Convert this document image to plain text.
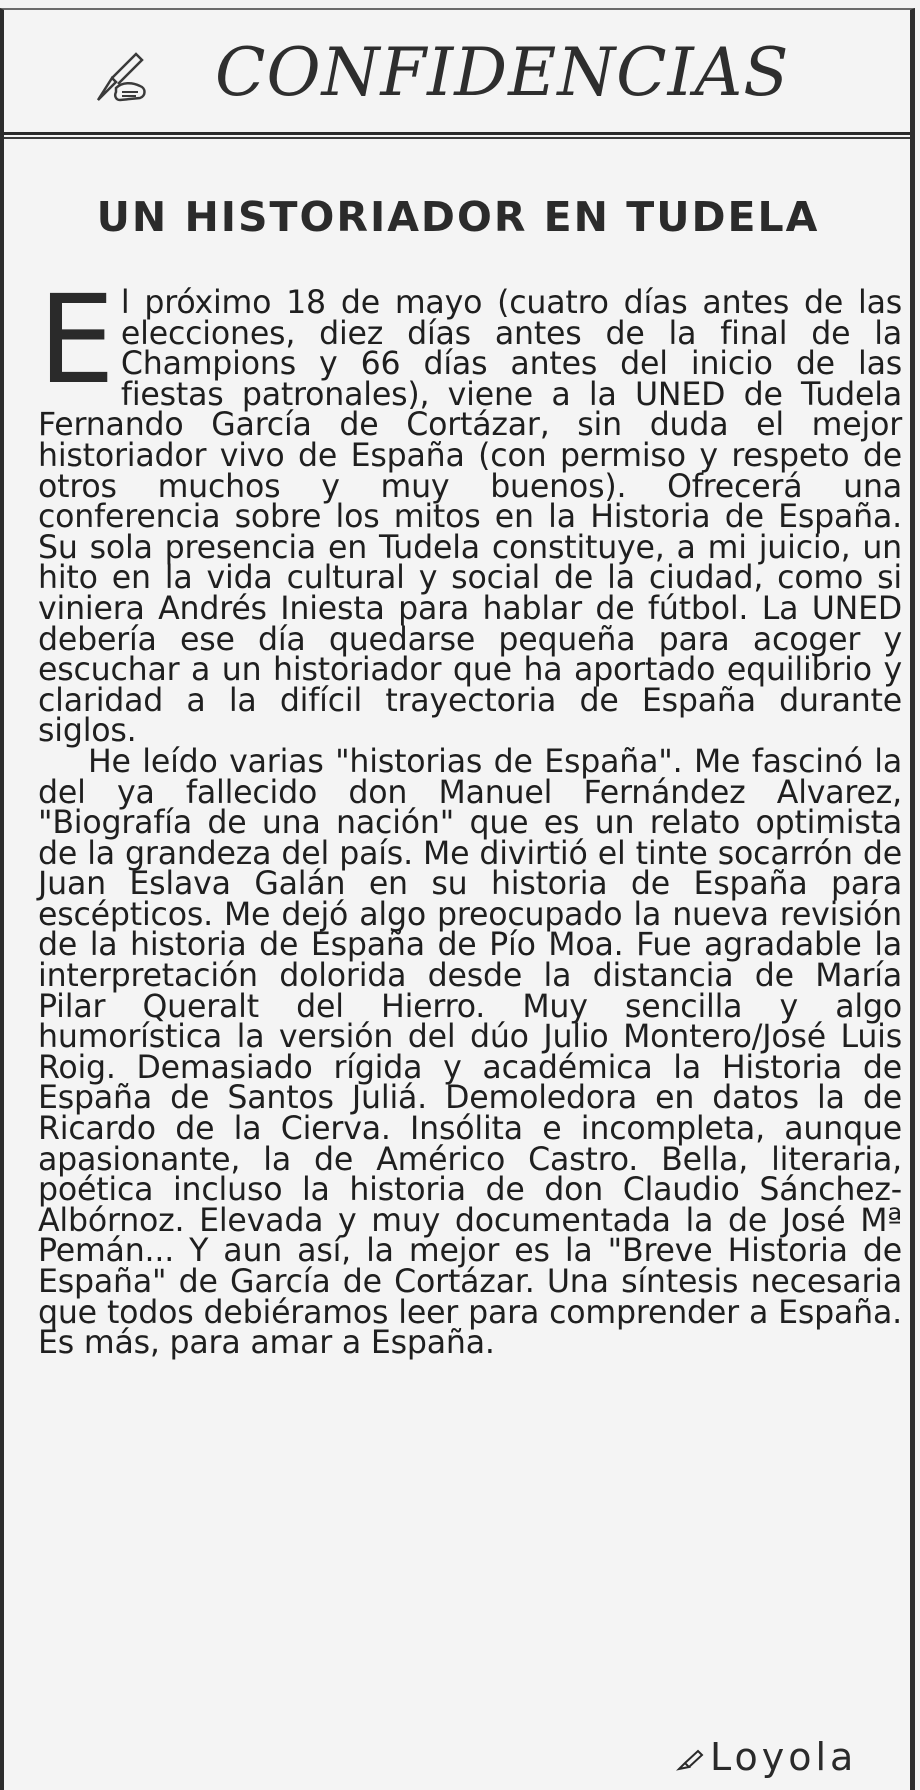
CONFIDENCIAS
UN HISTORIADOR EN TUDELA

El próximo 18 de mayo (cuatro días antes de las elecciones, diez días antes de la final de la Champions y 66 días antes del inicio de las fiestas patronales), viene a la UNED de Tudela Fernando García de Cortázar, sin duda el mejor historiador vivo de España (con permiso y respeto de otros muchos y muy buenos). Ofrecerá una conferencia sobre los mitos en la Historia de España. Su sola presencia en Tudela constituye, a mi juicio, un hito en la vida cultural y social de la ciudad, como si viniera Andrés Iniesta para hablar de fútbol. La UNED debería ese día quedarse pequeña para acoger y escuchar a un historiador que ha aportado equilibrio y claridad a la difícil trayectoria de España durante siglos.

He leído varias "historias de España". Me fascinó la del ya fallecido don Manuel Fernández Alvarez, "Biografía de una nación" que es un relato optimista de la grandeza del país. Me divirtió el tinte socarrón de Juan Eslava Galán en su historia de España para escépticos. Me dejó algo preocupado la nueva revisión de la historia de España de Pío Moa. Fue agradable la interpretación dolorida desde la distancia de María Pilar Queralt del Hierro. Muy sencilla y algo humorística la versión del dúo Julio Montero/José Luis Roig. Demasiado rígida y académica la Historia de España de Santos Juliá. Demoledora en datos la de Ricardo de la Cierva. Insólita e incompleta, aunque apasionante, la de Américo Castro. Bella, literaria, poética incluso la historia de don Claudio Sánchez-Albórnoz. Elevada y muy documentada la de José Mª Pemán... Y aun así, la mejor es la "Breve Historia de España" de García de Cortázar. Una síntesis necesaria que todos debiéramos leer para comprender a España. Es más, para amar a España.

Loyola
